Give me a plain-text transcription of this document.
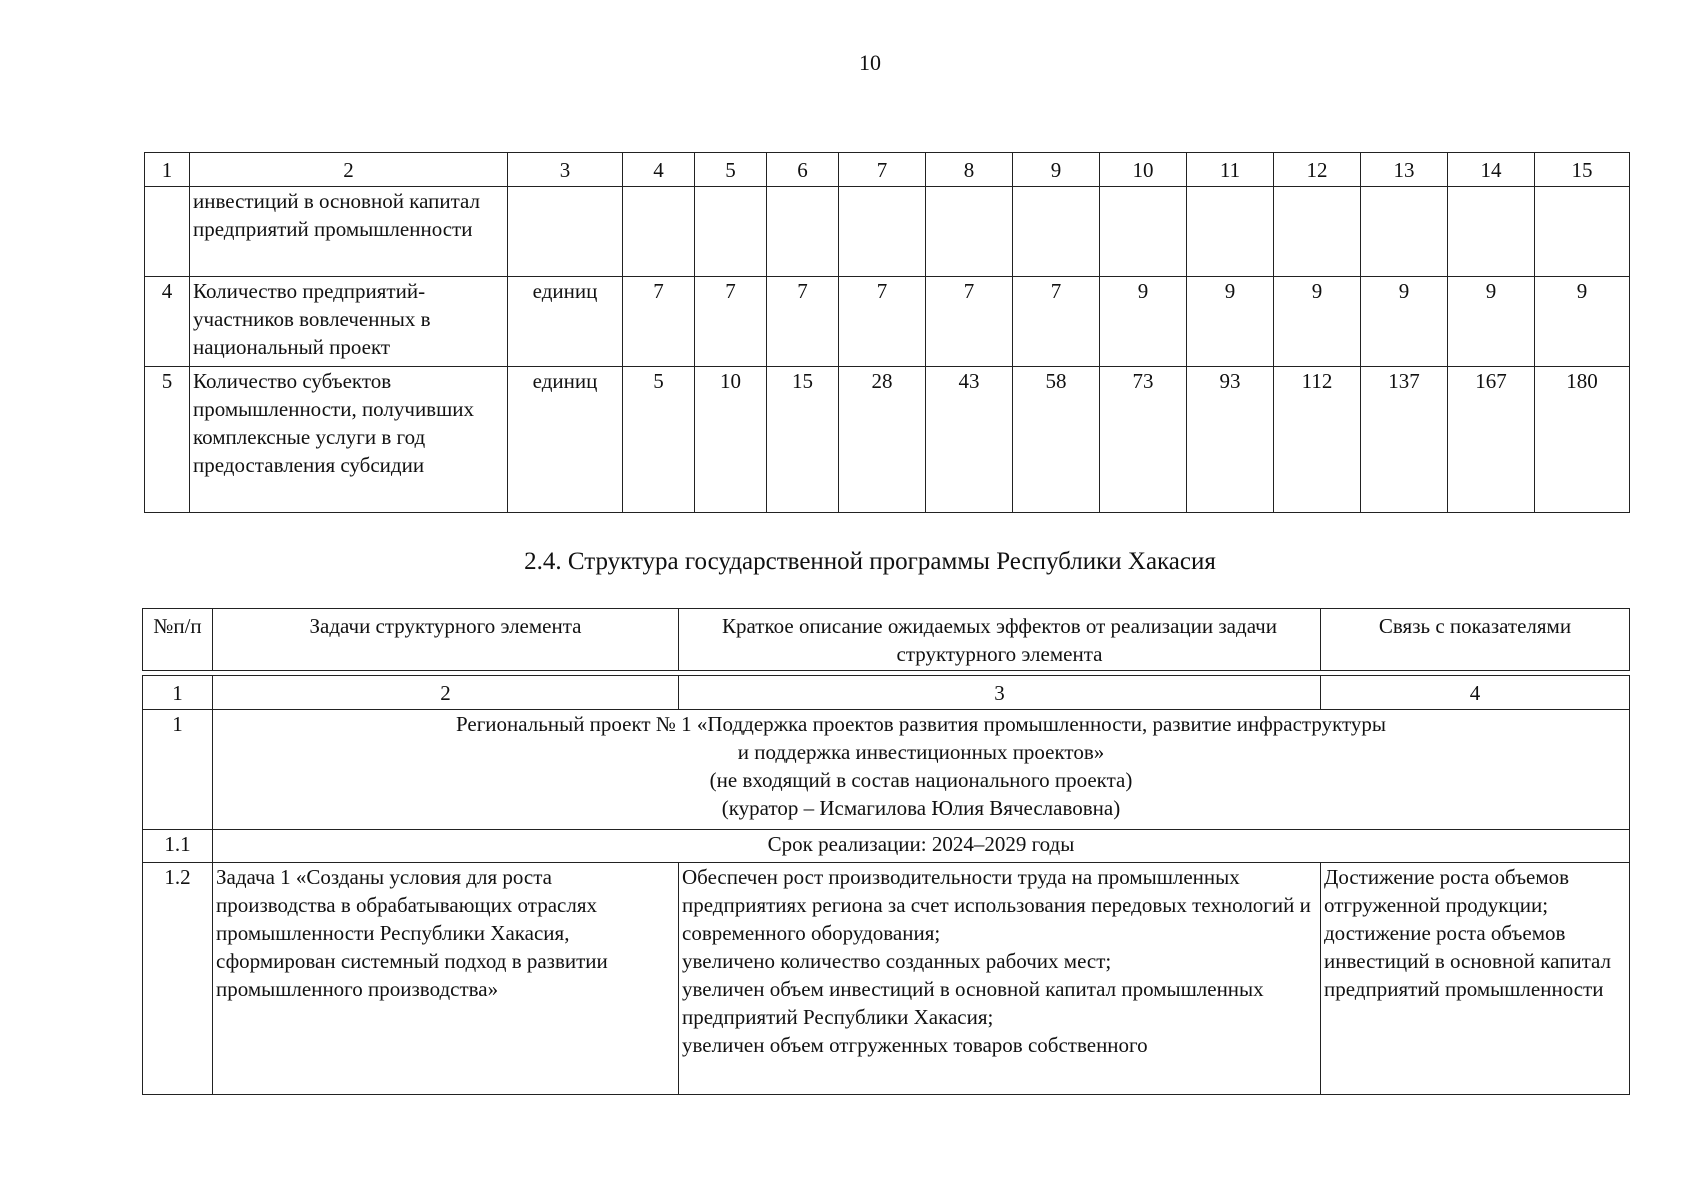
10
1	2	3	4	5	6	7	8	9	10	11	12	13	14	15
	инвестиций в основной капитал предприятий промышленности													
4	Количество предприятий-участников вовлеченных в национальный проект	единиц	7	7	7	7	7	7	9	9	9	9	9	9
5	Количество субъектов промышленности, получивших комплексные услуги в год предоставления субсидии	единиц	5	10	15	28	43	58	73	93	112	137	167	180
2.4. Структура государственной программы Республики Хакасия
№п/п	Задачи структурного элемента	Краткое описание ожидаемых эффектов от реализации задачи структурного элемента	Связь с показателями
1	2	3	4
1	Региональный проект № 1 «Поддержка проектов развития промышленности, развитие инфраструктуры
и поддержка инвестиционных проектов»
(не входящий в состав национального проекта)
(куратор – Исмагилова Юлия Вячеславовна)		

1.1	Срок реализации: 2024–2029 годы		
1.2	Задача 1 «Созданы условия для роста производства в обрабатывающих отраслях промышленности Республики Хакасия, сформирован системный подход в развитии промышленного производства»	Обеспечен рост производительности труда на промышленных предприятиях региона за счет использования передовых технологий и современного оборудования;
увеличено количество созданных рабочих мест;
увеличен объем инвестиций в основной капитал промышленных предприятий Республики Хакасия;
увеличен объем отгруженных товаров собственного	Достижение роста объемов отгруженной продукции; достижение роста объемов инвестиций в основной капитал предприятий промышленности
